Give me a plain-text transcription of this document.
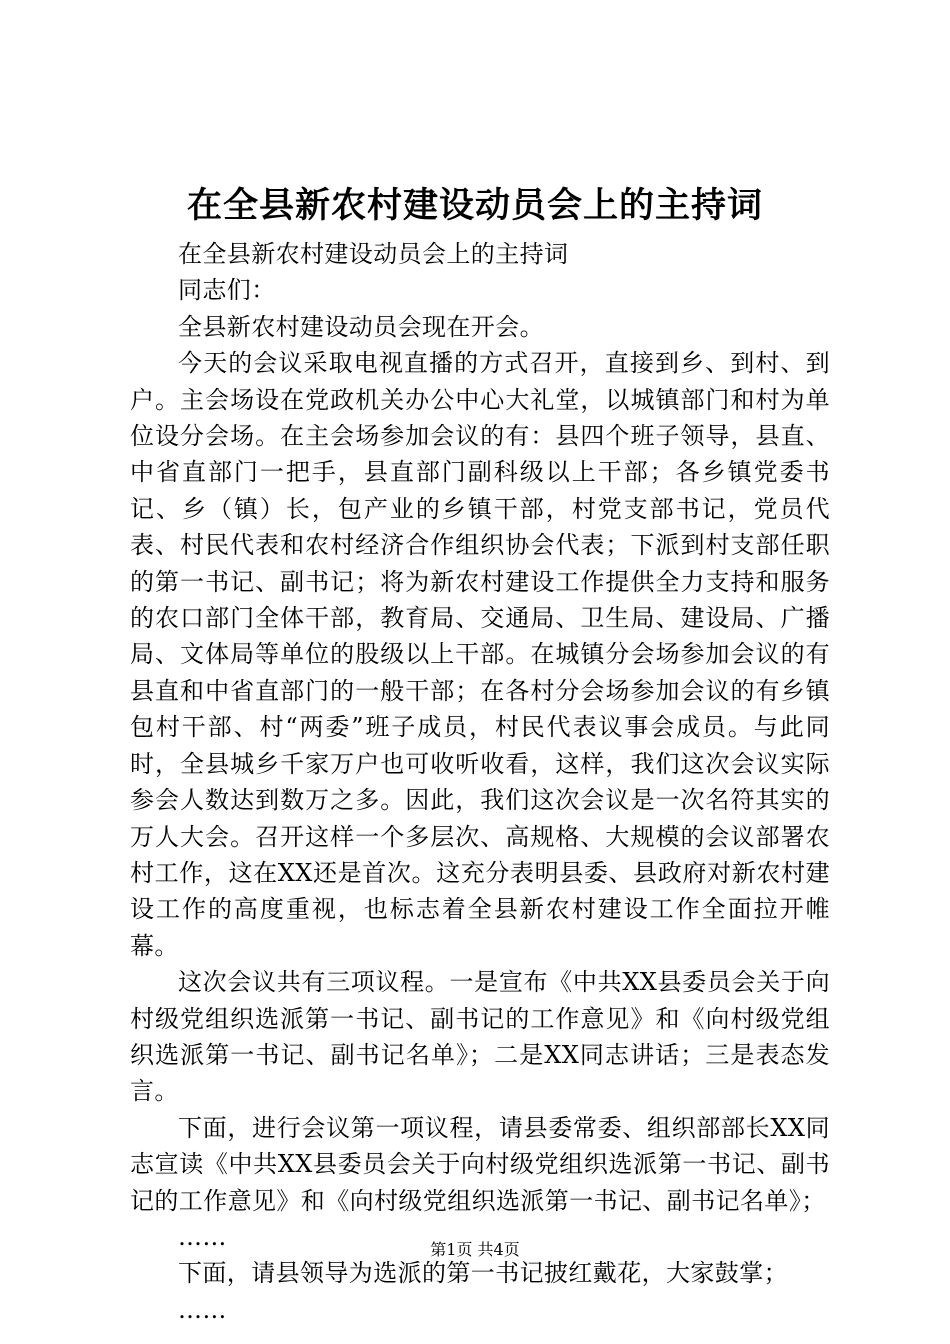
在全县新农村建设动员会上的主持词

在全县新农村建设动员会上的主持词

同志们：

全县新农村建设动员会现在开会。

今天的会议采取电视直播的方式召开，直接到乡、到村、到户。主会场设在党政机关办公中心大礼堂，以城镇部门和村为单位设分会场。在主会场参加会议的有：县四个班子领导，县直、中省直部门一把手，县直部门副科级以上干部；各乡镇党委书记、乡（镇）长，包产业的乡镇干部，村党支部书记，党员代表、村民代表和农村经济合作组织协会代表；下派到村支部任职的第一书记、副书记；将为新农村建设工作提供全力支持和服务的农口部门全体干部，教育局、交通局、卫生局、建设局、广播局、文体局等单位的股级以上干部。在城镇分会场参加会议的有县直和中省直部门的一般干部；在各村分会场参加会议的有乡镇包村干部、村“两委”班子成员，村民代表议事会成员。与此同时，全县城乡千家万户也可收听收看，这样，我们这次会议实际参会人数达到数万之多。因此，我们这次会议是一次名符其实的万人大会。召开这样一个多层次、高规格、大规模的会议部署农村工作，这在XX还是首次。这充分表明县委、县政府对新农村建设工作的高度重视，也标志着全县新农村建设工作全面拉开帷幕。

这次会议共有三项议程。一是宣布《中共XX县委员会关于向村级党组织选派第一书记、副书记的工作意见》和《向村级党组织选派第一书记、副书记名单》；二是XX同志讲话；三是表态发言。

下面，进行会议第一项议程，请县委常委、组织部部长XX同志宣读《中共XX县委员会关于向村级党组织选派第一书记、副书记的工作意见》和《向村级党组织选派第一书记、副书记名单》；

……

下面，请县领导为选派的第一书记披红戴花，大家鼓掌；

……

第1页 共4页
